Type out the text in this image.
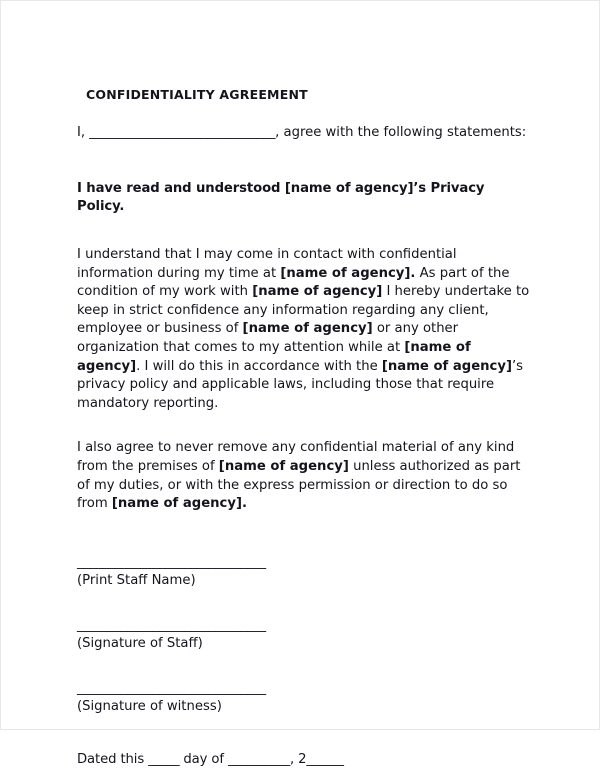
CONFIDENTIALITY AGREEMENT
I, ______________________________, agree with the following statements:
I have read and understood [name of agency]’s Privacy Policy.
I understand that I may come in contact with confidential information during my time at [name of agency]. As part of the condition of my work with [name of agency] I hereby undertake to keep in strict confidence any information regarding any client, employee or business of [name of agency] or any other organization that comes to my attention while at [name of agency]. I will do this in accordance with the [name of agency]’s privacy policy and applicable laws, including those that require mandatory reporting.
I also agree to never remove any confidential material of any kind from the premises of [name of agency] unless authorized as part of my duties, or with the express permission or direction to do so from [name of agency].
______________________________
(Print Staff Name)
______________________________
(Signature of Staff)
______________________________
(Signature of witness)
Dated this _____ day of __________, 2______
